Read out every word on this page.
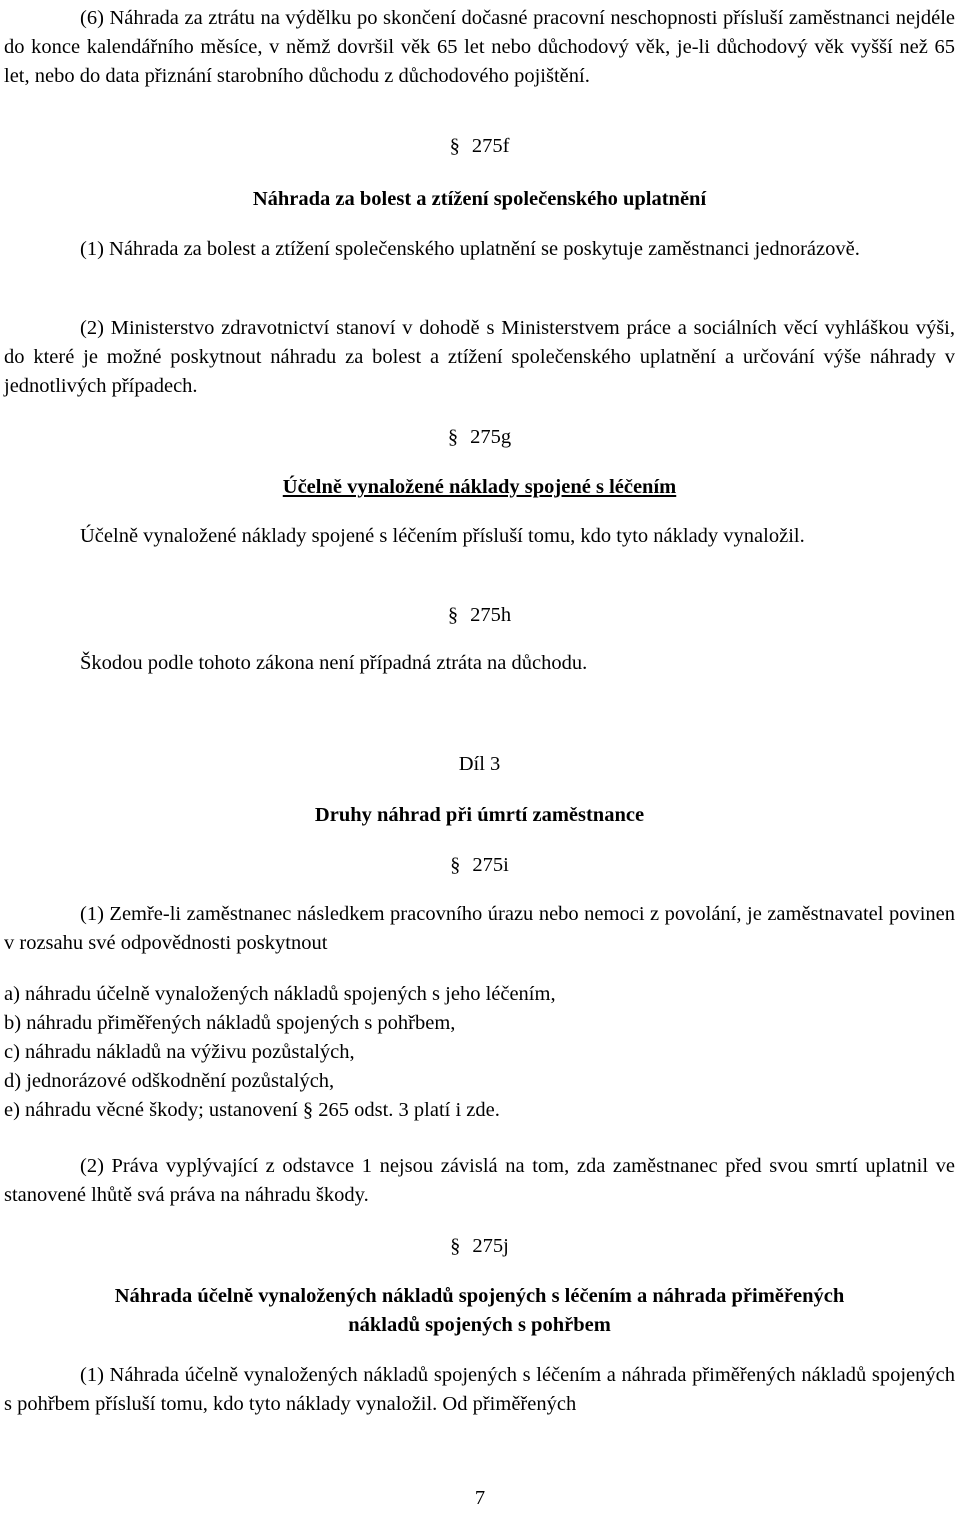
(6) Náhrada za ztrátu na výdělku po skončení dočasné pracovní neschopnosti přísluší zaměstnanci nejdéle do konce kalendářního měsíce, v němž dovršil věk 65 let nebo důchodový věk, je-li důchodový věk vyšší než 65 let, nebo do data přiznání starobního důchodu z důchodového pojištění.
§ 275f
Náhrada za bolest a ztížení společenského uplatnění
(1) Náhrada za bolest a ztížení společenského uplatnění se poskytuje zaměstnanci jednorázově.
(2) Ministerstvo zdravotnictví stanoví v dohodě s Ministerstvem práce a sociálních věcí vyhláškou výši, do které je možné poskytnout náhradu za bolest a ztížení společenského uplatnění a určování výše náhrady v jednotlivých případech.
§ 275g
Účelně vynaložené náklady spojené s léčením
Účelně vynaložené náklady spojené s léčením přísluší tomu, kdo tyto náklady vynaložil.
§ 275h
Škodou podle tohoto zákona není případná ztráta na důchodu.
Díl 3
Druhy náhrad při úmrtí zaměstnance
§ 275i
(1) Zemře-li zaměstnanec následkem pracovního úrazu nebo nemoci z povolání, je zaměstnavatel povinen v rozsahu své odpovědnosti poskytnout
a) náhradu účelně vynaložených nákladů spojených s jeho léčením,
b) náhradu přiměřených nákladů spojených s pohřbem,
c) náhradu nákladů na výživu pozůstalých,
d) jednorázové odškodnění pozůstalých,
e) náhradu věcné škody; ustanovení § 265 odst. 3 platí i zde.
(2) Práva vyplývající z odstavce 1 nejsou závislá na tom, zda zaměstnanec před svou smrtí uplatnil ve stanovené lhůtě svá práva na náhradu škody.
§ 275j
Náhrada účelně vynaložených nákladů spojených s léčením a náhrada přiměřených
nákladů spojených s pohřbem
(1) Náhrada účelně vynaložených nákladů spojených s léčením a náhrada přiměřených nákladů spojených s pohřbem přísluší tomu, kdo tyto náklady vynaložil. Od přiměřených
7
